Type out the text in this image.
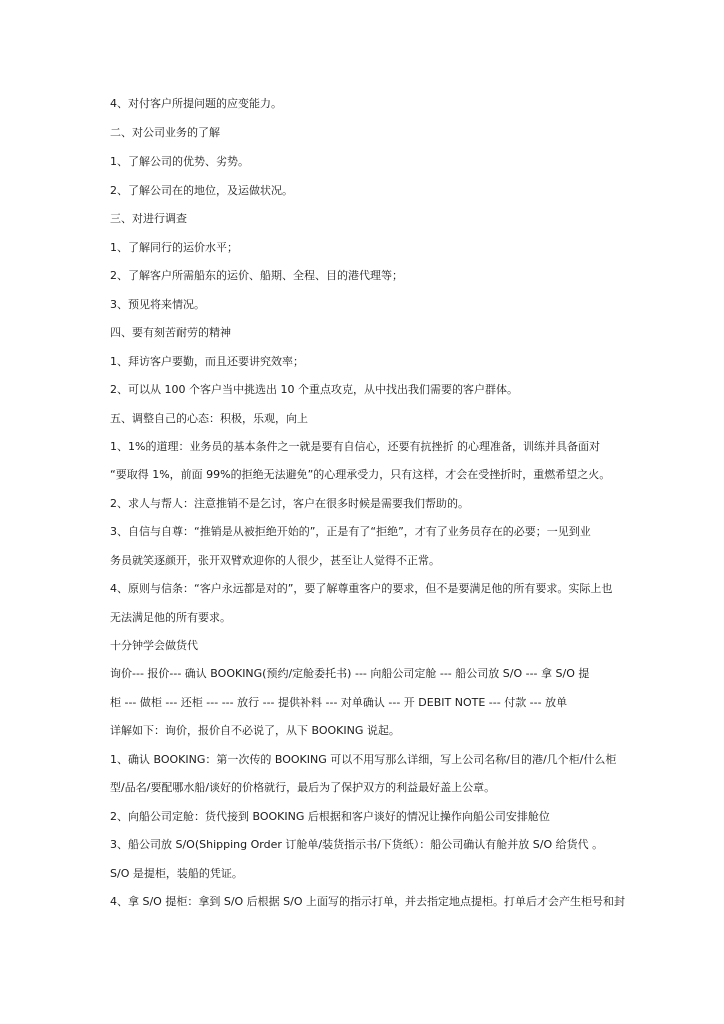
4、对付客户所提问题的应变能力。
二、对公司业务的了解
1、了解公司的优势、劣势。
2、了解公司在的地位，及运做状况。
三、对进行调查
1、了解同行的运价水平；
2、了解客户所需船东的运价、船期、全程、目的港代理等；
3、预见将来情况。
四、要有刻苦耐劳的精神
1、拜访客户要勤，而且还要讲究效率；
2、可以从 100 个客户当中挑选出 10 个重点攻克，从中找出我们需要的客户群体。
五、调整自己的心态：积极，乐观，向上
1、1%的道理：业务员的基本条件之一就是要有自信心，还要有抗挫折 的心理准备，训练并具备面对
“要取得 1%，前面 99%的拒绝无法避免”的心理承受力，只有这样，才会在受挫折时，重燃希望之火。
2、求人与帮人：注意推销不是乞讨，客户在很多时候是需要我们帮助的。
3、自信与自尊：“推销是从被拒绝开始的”，正是有了“拒绝”，才有了业务员存在的必要；一见到业
务员就笑逐颜开，张开双臂欢迎你的人很少，甚至让人觉得不正常。
4、原则与信条：“客户永远都是对的”，要了解尊重客户的要求，但不是要满足他的所有要求。实际上也
无法满足他的所有要求。
十分钟学会做货代
询价--- 报价--- 确认 BOOKING(预约/定舱委托书) --- 向船公司定舱 --- 船公司放 S/O --- 拿 S/O 提
柜 --- 做柜 --- 还柜 --- --- 放行 --- 提供补料 --- 对单确认 --- 开 DEBIT NOTE --- 付款 --- 放单
详解如下：询价，报价自不必说了，从下 BOOKING 说起。
1、确认 BOOKING：第一次传的 BOOKING 可以不用写那么详细，写上公司名称/目的港/几个柜/什么柜
型/品名/要配哪水船/谈好的价格就行，最后为了保护双方的利益最好盖上公章。
2、向船公司定舱：货代接到 BOOKING 后根据和客户谈好的情况让操作向船公司安排舱位
3、船公司放 S/O(Shipping Order 订舱单/装货指示书/下货纸）：船公司确认有舱并放 S/O 给货代 。
S/O 是提柜，装船的凭证。
4、拿 S/O 提柜：拿到 S/O 后根据 S/O 上面写的指示打单，并去指定地点提柜。打单后才会产生柜号和封
